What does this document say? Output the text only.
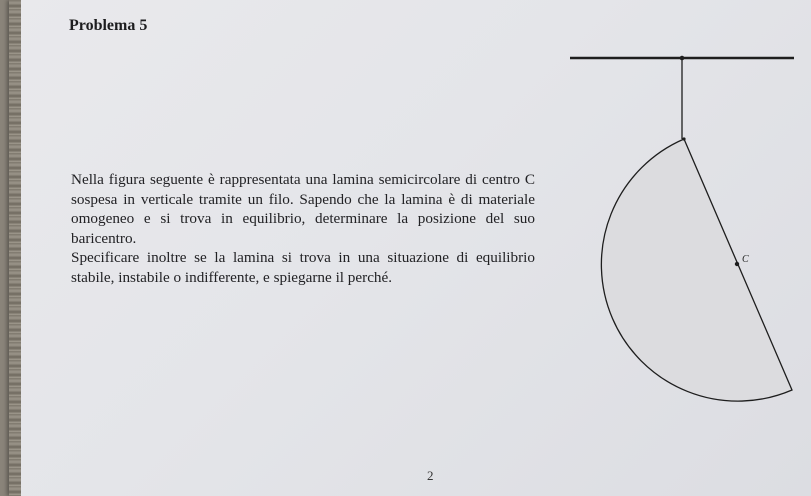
Problema 5

Nella figura seguente è rappresentata una lamina semicircolare di centro C sospesa in verticale tramite un filo. Sapendo che la lamina è di materiale omogeneo e si trova in equilibrio, determinare la posizione del suo baricentro.

Specificare inoltre se la lamina si trova in una situazione di equilibrio stabile, instabile o indifferente, e spiegarne il perché.

2
C
